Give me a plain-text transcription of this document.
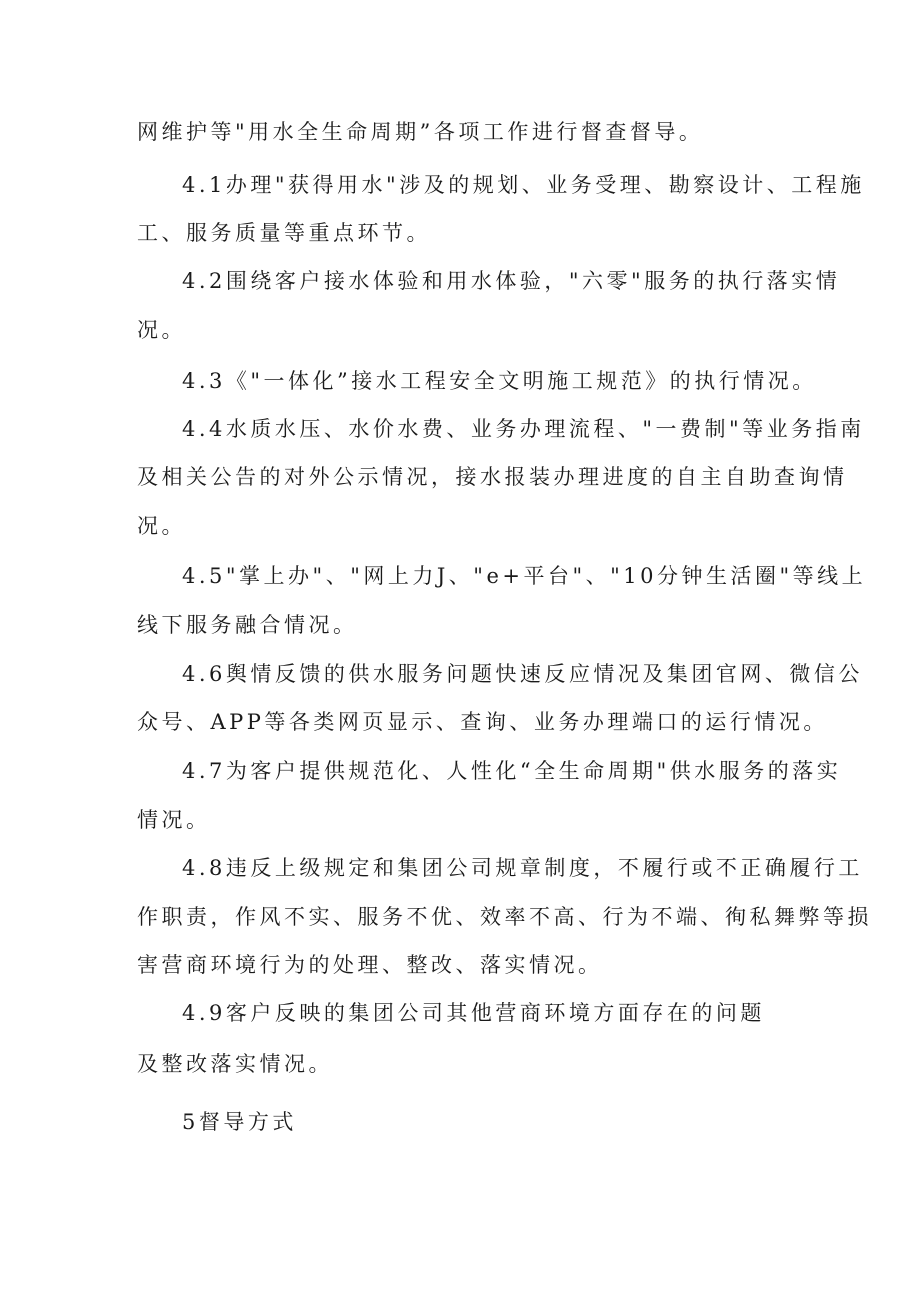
网维护等"用水全生命周期”各项工作进行督查督导。
4.1办理"获得用水"涉及的规划、业务受理、勘察设计、工程施
工、服务质量等重点环节。
4.2围绕客户接水体验和用水体验，"六零"服务的执行落实情
况。
4.3《"一体化”接水工程安全文明施工规范》的执行情况。
4.4水质水压、水价水费、业务办理流程、"一费制"等业务指南
及相关公告的对外公示情况，接水报装办理进度的自主自助查询情
况。
4.5"掌上办"、"网上力J、"e+平台"、"10分钟生活圈"等线上
线下服务融合情况。
4.6舆情反馈的供水服务问题快速反应情况及集团官网、微信公
众号、APP等各类网页显示、查询、业务办理端口的运行情况。
4.7为客户提供规范化、人性化“全生命周期"供水服务的落实
情况。
4.8违反上级规定和集团公司规章制度，不履行或不正确履行工
作职责，作风不实、服务不优、效率不高、行为不端、徇私舞弊等损
害营商环境行为的处理、整改、落实情况。
4.9客户反映的集团公司其他营商环境方面存在的问题
及整改落实情况。
5督导方式
